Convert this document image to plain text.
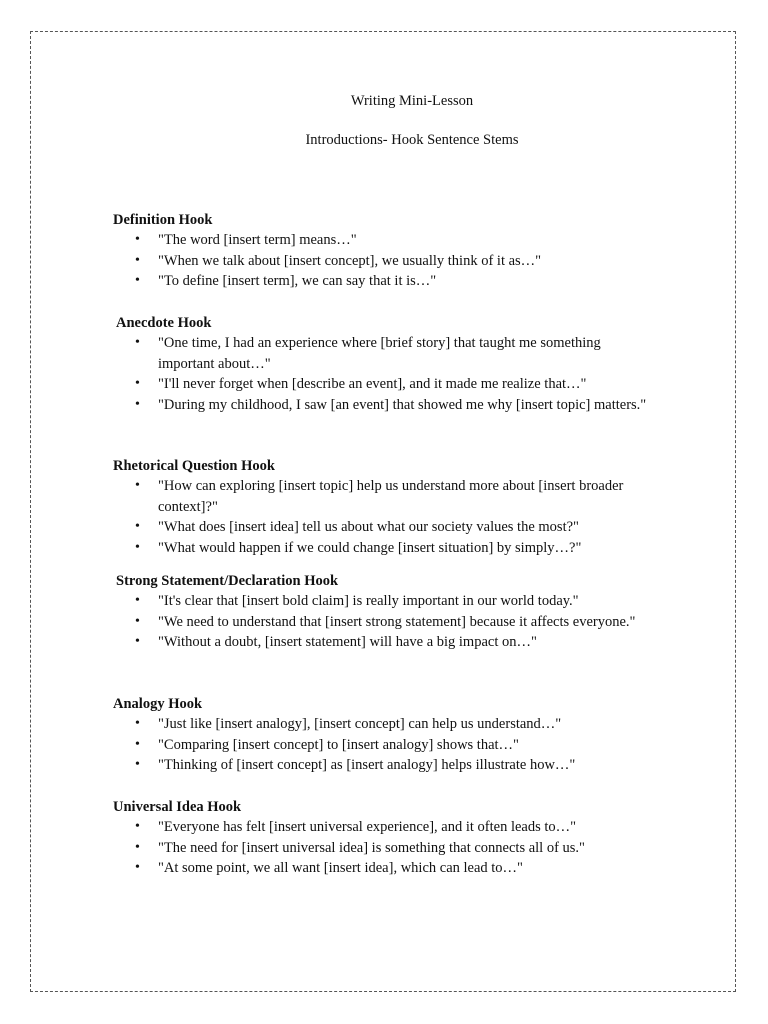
Writing Mini-Lesson
Introductions- Hook Sentence Stems
Definition Hook
• "The word [insert term] means…"
• "When we talk about [insert concept], we usually think of it as…"
• "To define [insert term], we can say that it is…"
Anecdote Hook
• "One time, I had an experience where [brief story] that taught me something important about…"
• "I'll never forget when [describe an event], and it made me realize that…"
• "During my childhood, I saw [an event] that showed me why [insert topic] matters."
Rhetorical Question Hook
• "How can exploring [insert topic] help us understand more about [insert broader context]?"
• "What does [insert idea] tell us about what our society values the most?"
• "What would happen if we could change [insert situation] by simply…?"
Strong Statement/Declaration Hook
• "It's clear that [insert bold claim] is really important in our world today."
• "We need to understand that [insert strong statement] because it affects everyone."
• "Without a doubt, [insert statement] will have a big impact on…"
Analogy Hook
• "Just like [insert analogy], [insert concept] can help us understand…"
• "Comparing [insert concept] to [insert analogy] shows that…"
• "Thinking of [insert concept] as [insert analogy] helps illustrate how…"
Universal Idea Hook
• "Everyone has felt [insert universal experience], and it often leads to…"
• "The need for [insert universal idea] is something that connects all of us."
• "At some point, we all want [insert idea], which can lead to…"
